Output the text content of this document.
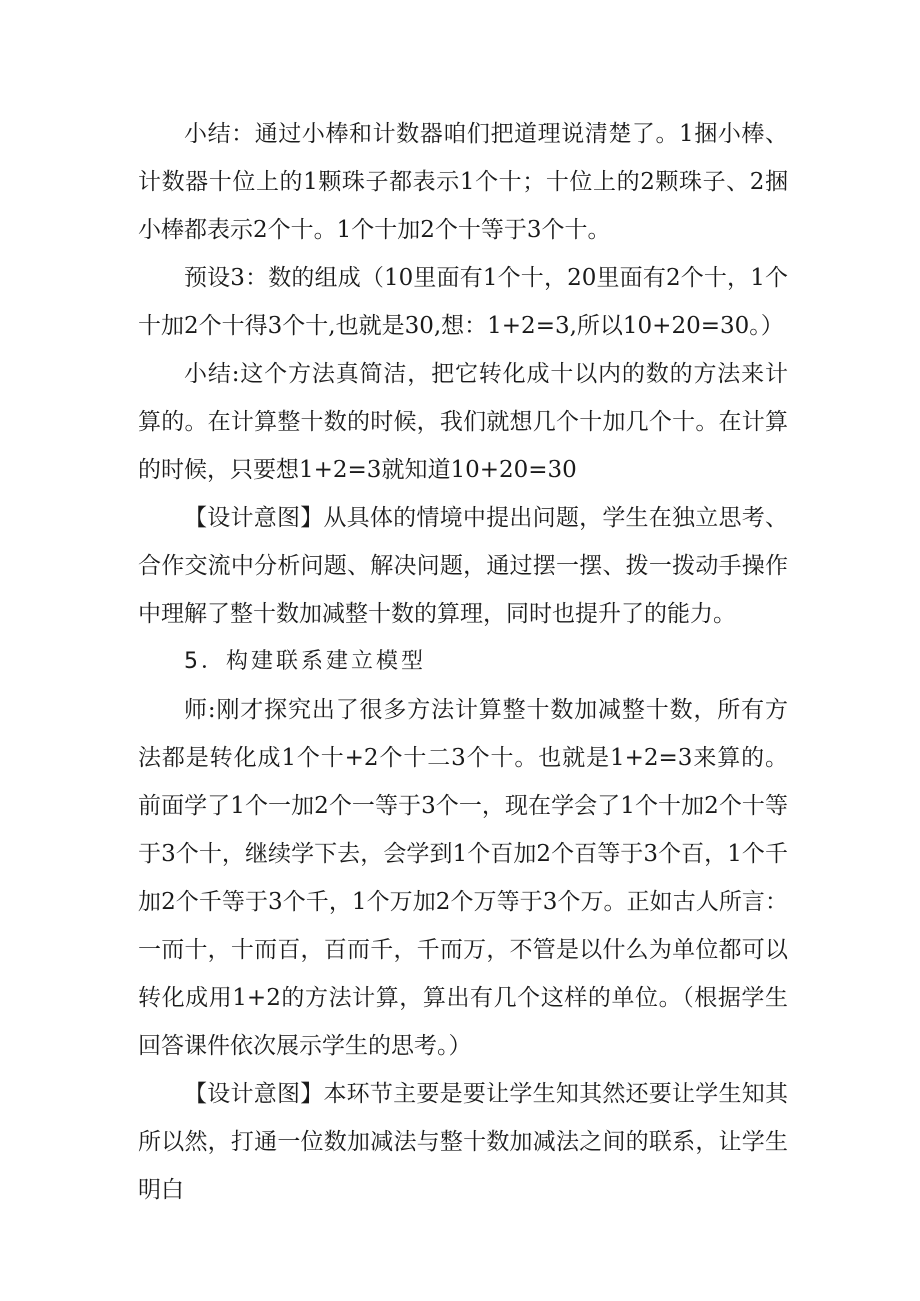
小结：通过小棒和计数器咱们把道理说清楚了。1捆小棒、计数器十位上的1颗珠子都表示1个十；十位上的2颗珠子、2捆小棒都表示2个十。1个十加2个十等于3个十。

预设3：数的组成（10里面有1个十，20里面有2个十，1个十加2个十得3个十,也就是30,想：1+2=3,所以10+20=30。）

小结:这个方法真简洁，把它转化成十以内的数的方法来计算的。在计算整十数的时候，我们就想几个十加几个十。在计算的时候，只要想1+2=3就知道10+20=30

【设计意图】从具体的情境中提出问题，学生在独立思考、合作交流中分析问题、解决问题，通过摆一摆、拨一拨动手操作中理解了整十数加减整十数的算理，同时也提升了的能力。

5．构建联系建立模型

师:刚才探究出了很多方法计算整十数加减整十数，所有方法都是转化成1个十+2个十二3个十。也就是1+2=3来算的。前面学了1个一加2个一等于3个一，现在学会了1个十加2个十等于3个十，继续学下去，会学到1个百加2个百等于3个百，1个千加2个千等于3个千，1个万加2个万等于3个万。正如古人所言：一而十，十而百，百而千，千而万，不管是以什么为单位都可以转化成用1+2的方法计算，算出有几个这样的单位。（根据学生回答课件依次展示学生的思考。）

【设计意图】本环节主要是要让学生知其然还要让学生知其所以然，打通一位数加减法与整十数加减法之间的联系，让学生明白
